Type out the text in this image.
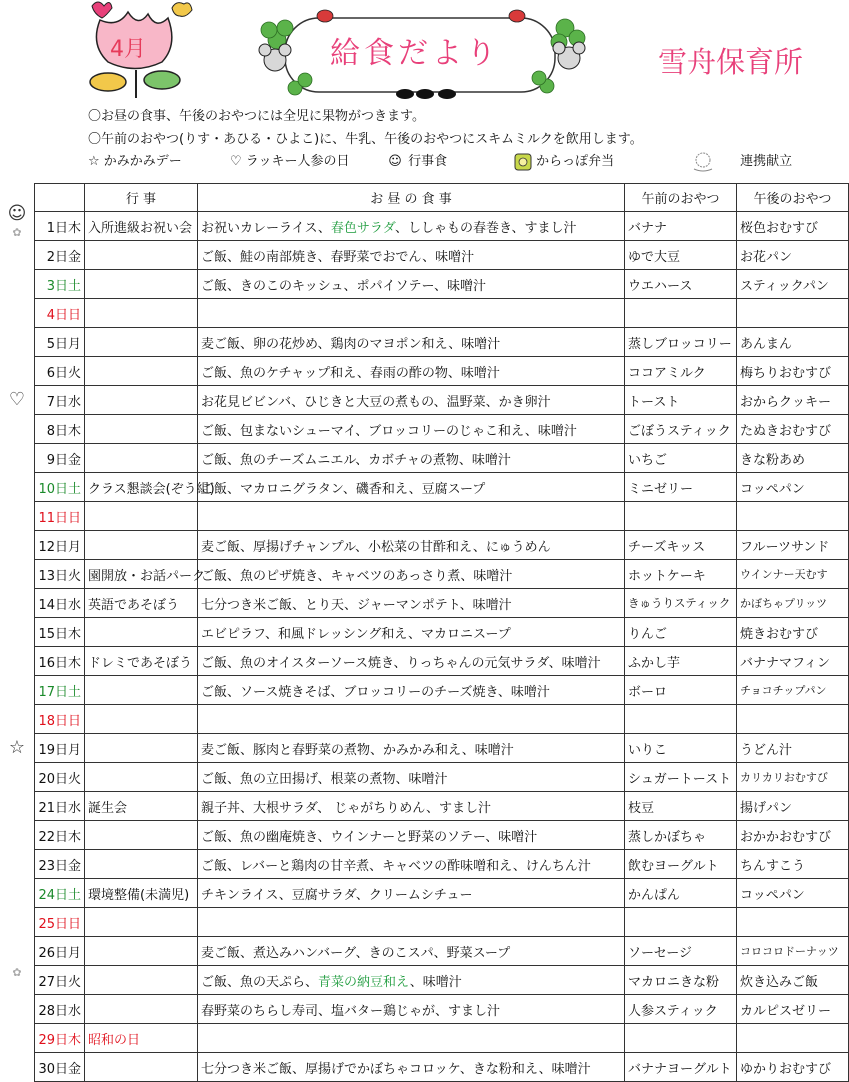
4月	給食だより	雪舟保育所
〇お昼の食事、午後のおやつには全児に果物がつきます。
〇午前のおやつ(りす・あひる・ひよこ)に、牛乳、午後のおやつにスキムミルクを飲用します。
☆ かみかみデー	♡ ラッキー人参の日	☺ 行事食	からっぽ弁当	連携献立
☺
✿
♡
☆
✿
	行 事	お 昼 の 食 事	午前のおやつ	午後のおやつ
1日木	入所進級お祝い会	お祝いカレーライス、春色サラダ、ししゃもの春巻き、すまし汁	バナナ	桜色おむすび
2日金		ご飯、鮭の南部焼き、春野菜でおでん、味噌汁	ゆで大豆	お花パン
3日土		ご飯、きのこのキッシュ、ポパイソテー、味噌汁	ウエハース	スティックパン
4日日				
5日月		麦ご飯、卵の花炒め、鶏肉のマヨポン和え、味噌汁	蒸しブロッコリー	あんまん
6日火		ご飯、魚のケチャップ和え、春雨の酢の物、味噌汁	ココアミルク	梅ちりおむすび
7日水		お花見ビビンバ、ひじきと大豆の煮もの、温野菜、かき卵汁	トースト	おからクッキー
8日木		ご飯、包まないシューマイ、ブロッコリーのじゃこ和え、味噌汁	ごぼうスティック	たぬきおむすび
9日金		ご飯、魚のチーズムニエル、カボチャの煮物、味噌汁	いちご	きな粉あめ
10日土	クラス懇談会(ぞう組)	ご飯、マカロニグラタン、磯香和え、豆腐スープ	ミニゼリー	コッペパン
11日日				
12日月		麦ご飯、厚揚げチャンプル、小松菜の甘酢和え、にゅうめん	チーズキッス	フルーツサンド
13日火	園開放・お話パーク	ご飯、魚のピザ焼き、キャベツのあっさり煮、味噌汁	ホットケーキ	ウインナー天むす
14日水	英語であそぼう	七分つき米ご飯、とり天、ジャーマンポテト、味噌汁	きゅうりスティック	かぼちゃプリッツ
15日木		エビピラフ、和風ドレッシング和え、マカロニスープ	りんご	焼きおむすび
16日木	ドレミであそぼう	ご飯、魚のオイスターソース焼き、りっちゃんの元気サラダ、味噌汁	ふかし芋	バナナマフィン
17日土		ご飯、ソース焼きそば、ブロッコリーのチーズ焼き、味噌汁	ボーロ	チョコチップパン
18日日				
19日月		麦ご飯、豚肉と春野菜の煮物、かみかみ和え、味噌汁	いりこ	うどん汁
20日火		ご飯、魚の立田揚げ、根菜の煮物、味噌汁	シュガートースト	カリカリおむすび
21日水	誕生会	親子丼、大根サラダ、 じゃがちりめん、すまし汁	枝豆	揚げパン
22日木		ご飯、魚の幽庵焼き、ウインナーと野菜のソテー、味噌汁	蒸しかぼちゃ	おかかおむすび
23日金		ご飯、レバーと鶏肉の甘辛煮、キャベツの酢味噌和え、けんちん汁	飲むヨーグルト	ちんすこう
24日土	環境整備(未満児)	チキンライス、豆腐サラダ、クリームシチュー	かんぱん	コッペパン
25日日				
26日月		麦ご飯、煮込みハンバーグ、きのこスパ、野菜スープ	ソーセージ	コロコロドーナッツ
27日火		ご飯、魚の天ぷら、青菜の納豆和え、味噌汁	マカロニきな粉	炊き込みご飯
28日水		春野菜のちらし寿司、塩バター鶏じゃが、すまし汁	人参スティック	カルピスゼリー
29日木	昭和の日			
30日金		七分つき米ご飯、厚揚げでかぼちゃコロッケ、きな粉和え、味噌汁	バナナヨーグルト	ゆかりおむすび
